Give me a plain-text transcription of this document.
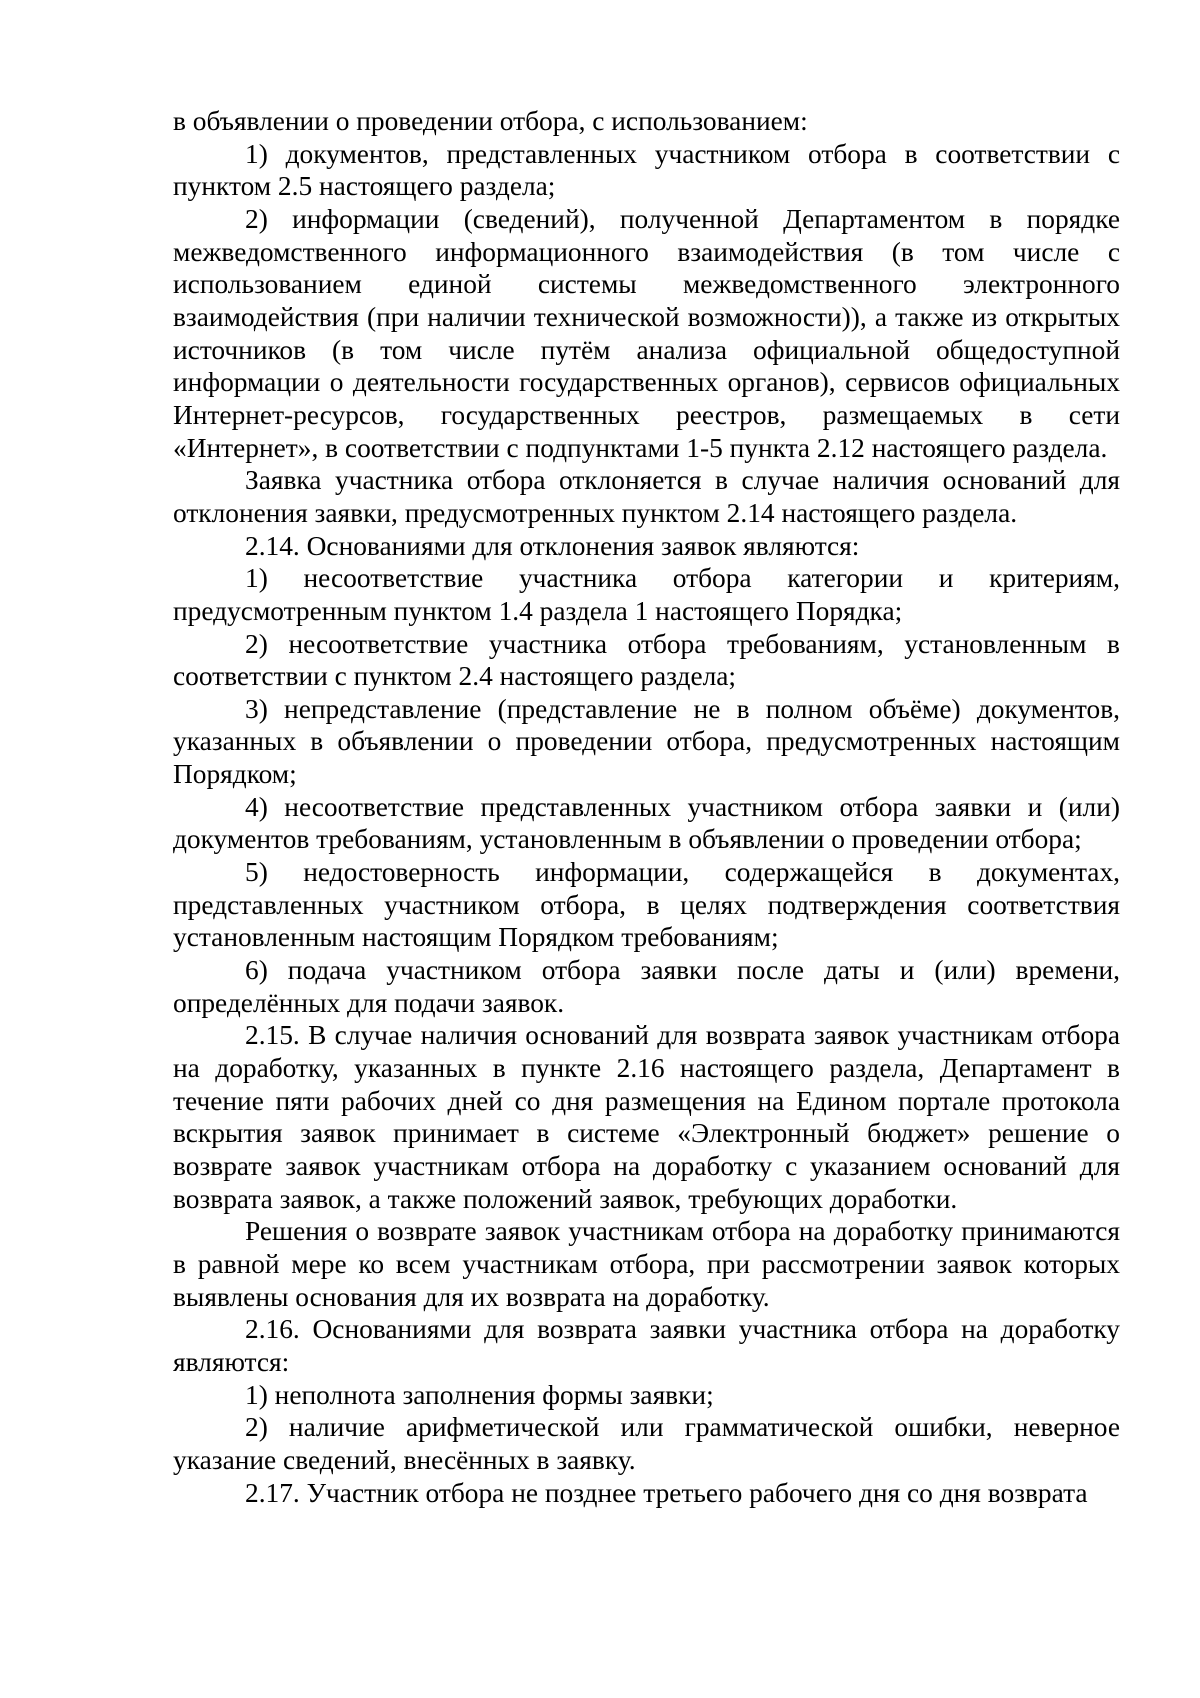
в объявлении о проведении отбора, с использованием:

1) документов, представленных участником отбора в соответствии с пунктом 2.5 настоящего раздела;

2) информации (сведений), полученной Департаментом в порядке межведомственного информационного взаимодействия (в том числе с использованием единой системы межведомственного электронного взаимодействия (при наличии технической возможности)), а также из открытых источников (в том числе путём анализа официальной общедоступной информации о деятельности государственных органов), сервисов официальных Интернет-ресурсов, государственных реестров, размещаемых в сети «Интернет», в соответствии с подпунктами 1-5 пункта 2.12 настоящего раздела.

Заявка участника отбора отклоняется в случае наличия оснований для отклонения заявки, предусмотренных пунктом 2.14 настоящего раздела.

2.14. Основаниями для отклонения заявок являются:

1) несоответствие участника отбора категории и критериям, предусмотренным пунктом 1.4 раздела 1 настоящего Порядка;

2) несоответствие участника отбора требованиям, установленным в соответствии с пунктом 2.4 настоящего раздела;

3) непредставление (представление не в полном объёме) документов, указанных в объявлении о проведении отбора, предусмотренных настоящим Порядком;

4) несоответствие представленных участником отбора заявки и (или) документов требованиям, установленным в объявлении о проведении отбора;

5) недостоверность информации, содержащейся в документах, представленных участником отбора, в целях подтверждения соответствия установленным настоящим Порядком требованиям;

6) подача участником отбора заявки после даты и (или) времени, определённых для подачи заявок.

2.15. В случае наличия оснований для возврата заявок участникам отбора на доработку, указанных в пункте 2.16 настоящего раздела, Департамент в течение пяти рабочих дней со дня размещения на Едином портале протокола вскрытия заявок принимает в системе «Электронный бюджет» решение о возврате заявок участникам отбора на доработку с указанием оснований для возврата заявок, а также положений заявок, требующих доработки.

Решения о возврате заявок участникам отбора на доработку принимаются в равной мере ко всем участникам отбора, при рассмотрении заявок которых выявлены основания для их возврата на доработку.

2.16. Основаниями для возврата заявки участника отбора на доработку являются:

1) неполнота заполнения формы заявки;

2) наличие арифметической или грамматической ошибки, неверное указание сведений, внесённых в заявку.

2.17. Участник отбора не позднее третьего рабочего дня со дня возврата
